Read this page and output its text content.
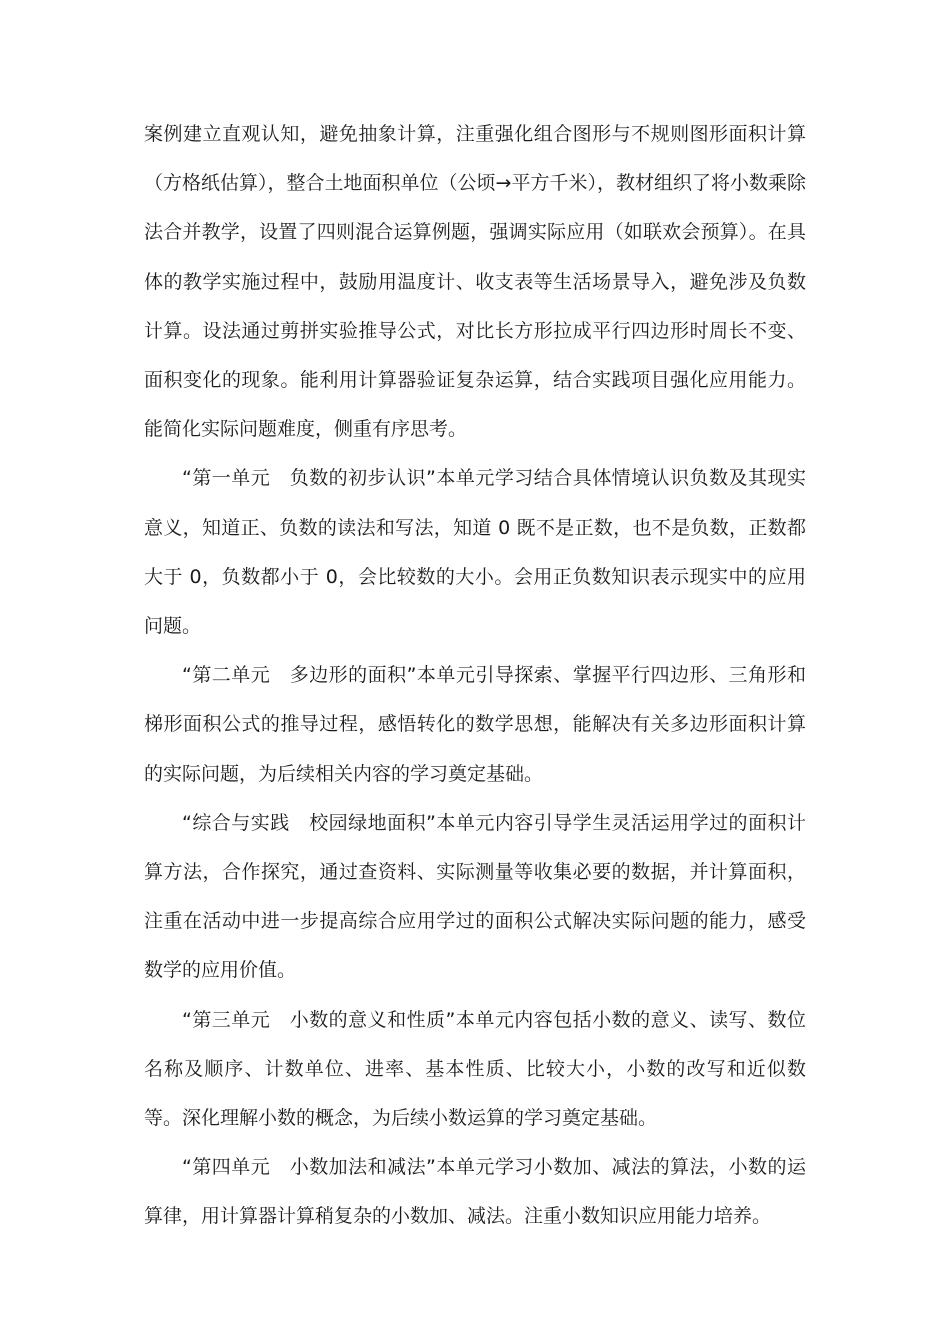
案例建立直观认知，避免抽象计算，注重强化组合图形与不规则图形面积计算（方格纸估算），整合土地面积单位（公顷→平方千米），教材组织了将小数乘除法合并教学，设置了四则混合运算例题，强调实际应用（如联欢会预算）。在具体的教学实施过程中，鼓励用温度计、收支表等生活场景导入，避免涉及负数计算。设法通过剪拼实验推导公式，对比长方形拉成平行四边形时周长不变、面积变化的现象。能利用计算器验证复杂运算，结合实践项目强化应用能力。能简化实际问题难度，侧重有序思考。

“第一单元　负数的初步认识”本单元学习结合具体情境认识负数及其现实意义，知道正、负数的读法和写法，知道 0 既不是正数，也不是负数，正数都大于 0，负数都小于 0，会比较数的大小。会用正负数知识表示现实中的应用问题。

“第二单元　多边形的面积”本单元引导探索、掌握平行四边形、三角形和梯形面积公式的推导过程，感悟转化的数学思想，能解决有关多边形面积计算的实际问题，为后续相关内容的学习奠定基础。

“综合与实践　校园绿地面积”本单元内容引导学生灵活运用学过的面积计算方法，合作探究，通过查资料、实际测量等收集必要的数据，并计算面积，注重在活动中进一步提高综合应用学过的面积公式解决实际问题的能力，感受数学的应用价值。

“第三单元　小数的意义和性质”本单元内容包括小数的意义、读写、数位名称及顺序、计数单位、进率、基本性质、比较大小，小数的改写和近似数等。深化理解小数的概念，为后续小数运算的学习奠定基础。

“第四单元　小数加法和减法”本单元学习小数加、减法的算法，小数的运算律，用计算器计算稍复杂的小数加、减法。注重小数知识应用能力培养。
